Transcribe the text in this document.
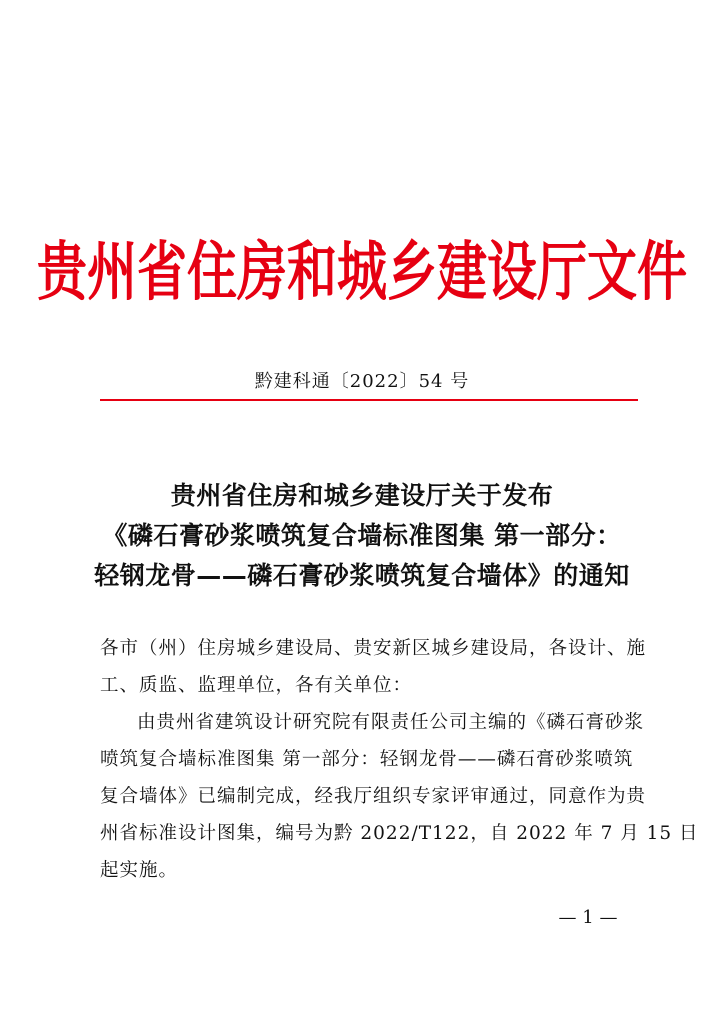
贵州省住房和城乡建设厅文件
黔建科通〔2022〕54 号
贵州省住房和城乡建设厅关于发布
《磷石膏砂浆喷筑复合墙标准图集 第一部分：
轻钢龙骨——磷石膏砂浆喷筑复合墙体》的通知
各市（州）住房城乡建设局、贵安新区城乡建设局，各设计、施
工、质监、监理单位，各有关单位：
由贵州省建筑设计研究院有限责任公司主编的《磷石膏砂浆
喷筑复合墙标准图集 第一部分：轻钢龙骨——磷石膏砂浆喷筑
复合墙体》已编制完成，经我厅组织专家评审通过，同意作为贵
州省标准设计图集，编号为黔 2022/T122，自 2022 年 7 月 15 日
起实施。
— 1 —
